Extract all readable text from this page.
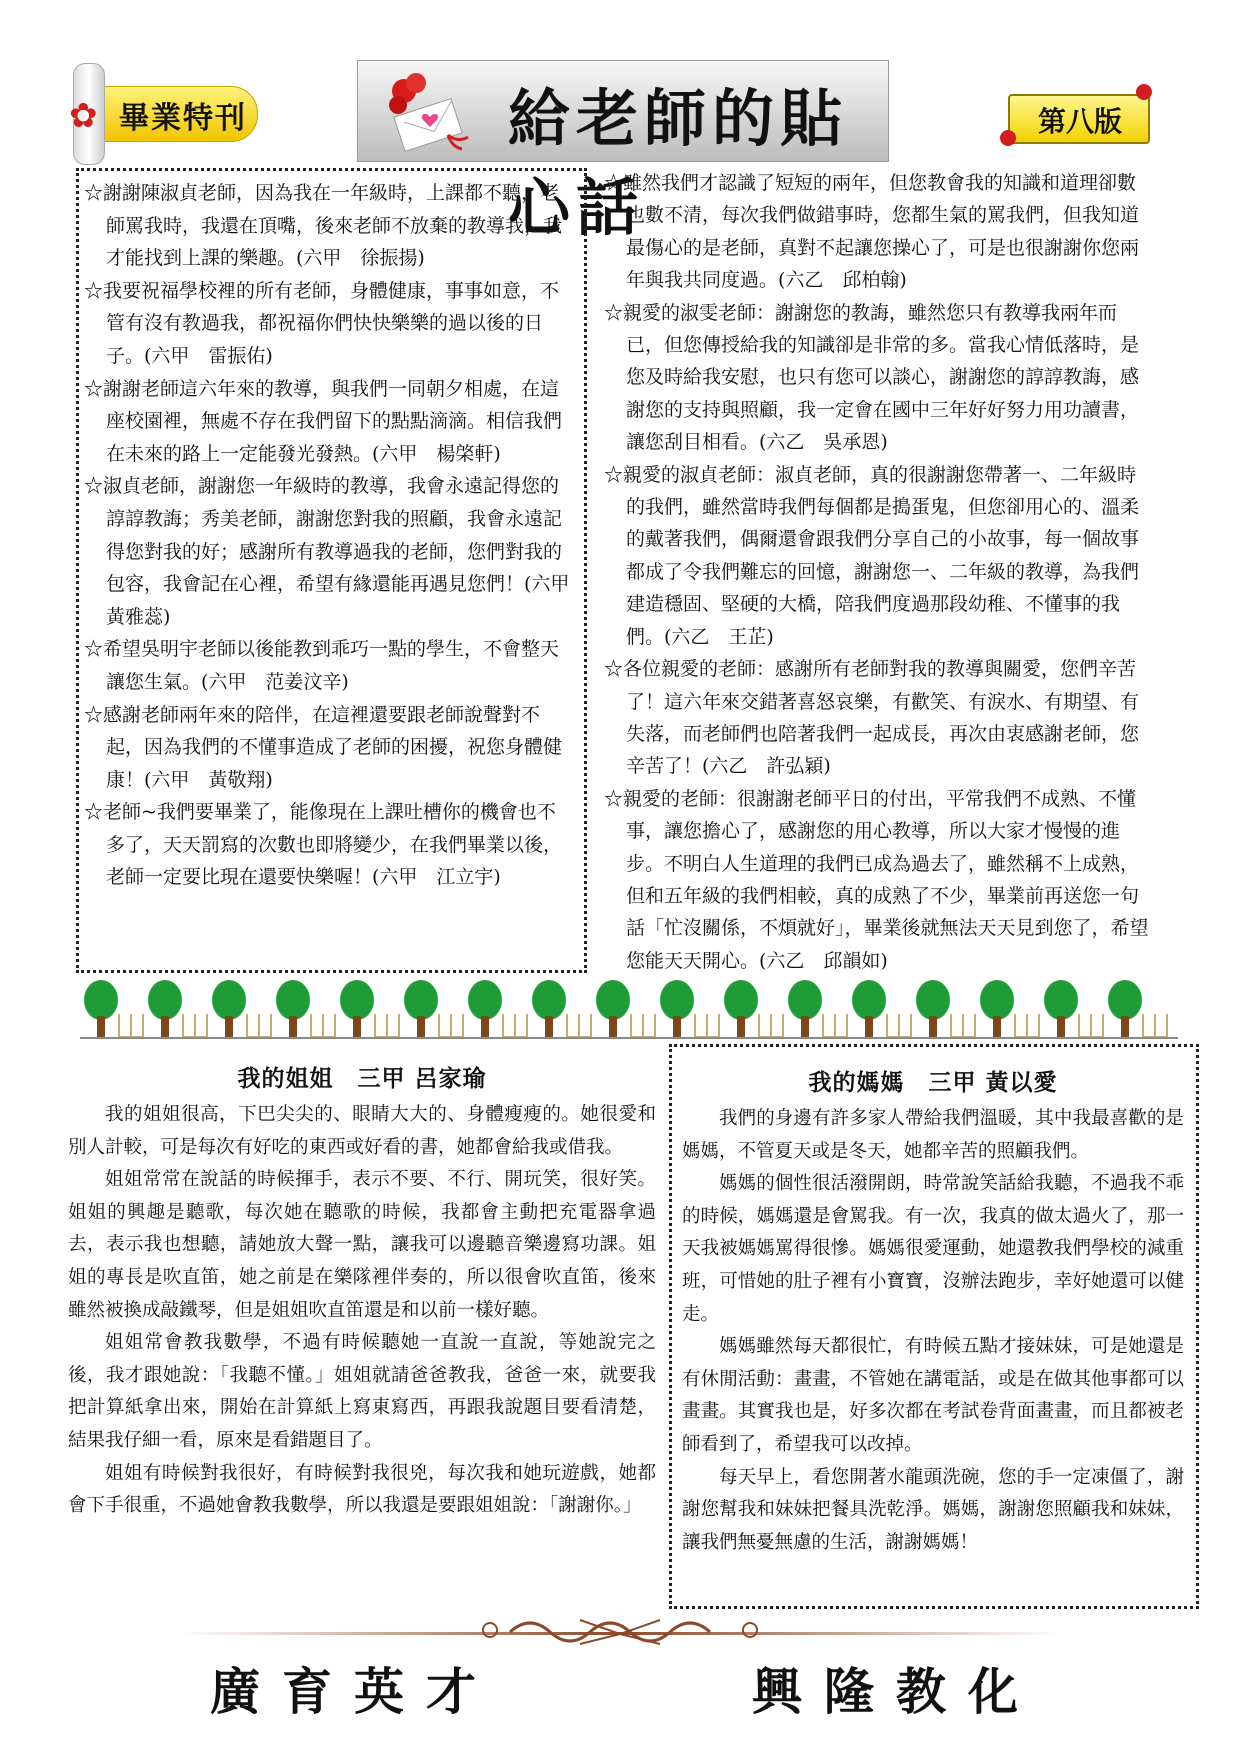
✿ 畢業特刊	給老師的貼心話
第八版

☆謝謝陳淑貞老師，因為我在一年級時，上課都不聽，老師罵我時，我還在頂嘴，後來老師不放棄的教導我，我才能找到上課的樂趣。(六甲　徐振揚)

☆我要祝福學校裡的所有老師，身體健康，事事如意，不管有沒有教過我，都祝福你們快快樂樂的過以後的日子。(六甲　雷振佑)

☆謝謝老師這六年來的教導，與我們一同朝夕相處，在這座校園裡，無處不存在我們留下的點點滴滴。相信我們在未來的路上一定能發光發熱。(六甲　楊棨軒)

☆淑貞老師，謝謝您一年級時的教導，我會永遠記得您的諄諄教誨；秀美老師，謝謝您對我的照顧，我會永遠記得您對我的好；感謝所有教導過我的老師，您們對我的包容，我會記在心裡，希望有緣還能再遇見您們！(六甲　黃雅蕊)

☆希望吳明宇老師以後能教到乖巧一點的學生，不會整天讓您生氣。(六甲　范姜汶辛)

☆感謝老師兩年來的陪伴，在這裡還要跟老師說聲對不起，因為我們的不懂事造成了老師的困擾，祝您身體健康！(六甲　黃敬翔)

☆老師~我們要畢業了，能像現在上課吐槽你的機會也不多了，天天罰寫的次數也即將變少，在我們畢業以後，老師一定要比現在還要快樂喔！(六甲　江立宇)

☆雖然我們才認識了短短的兩年，但您教會我的知識和道理卻數也數不清，每次我們做錯事時，您都生氣的罵我們，但我知道最傷心的是老師，真對不起讓您操心了，可是也很謝謝你您兩年與我共同度過。(六乙　邱柏翰)

☆親愛的淑雯老師：謝謝您的教誨，雖然您只有教導我兩年而已，但您傳授給我的知識卻是非常的多。當我心情低落時，是您及時給我安慰，也只有您可以談心，謝謝您的諄諄教誨，感謝您的支持與照顧，我一定會在國中三年好好努力用功讀書，讓您刮目相看。(六乙　吳承恩)

☆親愛的淑貞老師：淑貞老師，真的很謝謝您帶著一、二年級時的我們，雖然當時我們每個都是搗蛋鬼，但您卻用心的、溫柔的戴著我們，偶爾還會跟我們分享自己的小故事，每一個故事都成了令我們難忘的回憶，謝謝您一、二年級的教導，為我們建造穩固、堅硬的大橋，陪我們度過那段幼稚、不懂事的我們。(六乙　王芷)

☆各位親愛的老師：感謝所有老師對我的教導與關愛，您們辛苦了！這六年來交錯著喜怒哀樂，有歡笑、有淚水、有期望、有失落，而老師們也陪著我們一起成長，再次由衷感謝老師，您辛苦了！(六乙　許弘穎)

☆親愛的老師：很謝謝老師平日的付出，平常我們不成熟、不懂事，讓您擔心了，感謝您的用心教導，所以大家才慢慢的進步。不明白人生道理的我們已成為過去了，雖然稱不上成熟，但和五年級的我們相較，真的成熟了不少，畢業前再送您一句話「忙沒關係，不煩就好」，畢業後就無法天天見到您了，希望您能天天開心。(六乙　邱韻如)

我的姐姐　三甲 呂家瑜

我的姐姐很高，下巴尖尖的、眼睛大大的、身體瘦瘦的。她很愛和別人計較，可是每次有好吃的東西或好看的書，她都會給我或借我。

姐姐常常在說話的時候揮手，表示不要、不行、開玩笑，很好笑。姐姐的興趣是聽歌，每次她在聽歌的時候，我都會主動把充電器拿過去，表示我也想聽，請她放大聲一點，讓我可以邊聽音樂邊寫功課。姐姐的專長是吹直笛，她之前是在樂隊裡伴奏的，所以很會吹直笛，後來雖然被換成敲鐵琴，但是姐姐吹直笛還是和以前一樣好聽。

姐姐常會教我數學，不過有時候聽她一直說一直說，等她說完之後，我才跟她說：「我聽不懂。」姐姐就請爸爸教我，爸爸一來，就要我把計算紙拿出來，開始在計算紙上寫東寫西，再跟我說題目要看清楚，結果我仔細一看，原來是看錯題目了。

姐姐有時候對我很好，有時候對我很兇，每次我和她玩遊戲，她都會下手很重，不過她會教我數學，所以我還是要跟姐姐說：「謝謝你。」

我的媽媽　三甲 黃以愛

我們的身邊有許多家人帶給我們溫暖，其中我最喜歡的是媽媽，不管夏天或是冬天，她都辛苦的照顧我們。

媽媽的個性很活潑開朗，時常說笑話給我聽，不過我不乖的時候，媽媽還是會罵我。有一次，我真的做太過火了，那一天我被媽媽罵得很慘。媽媽很愛運動，她還教我們學校的減重班，可惜她的肚子裡有小寶寶，沒辦法跑步，幸好她還可以健走。

媽媽雖然每天都很忙，有時候五點才接妹妹，可是她還是有休閒活動：畫畫，不管她在講電話，或是在做其他事都可以畫畫。其實我也是，好多次都在考試卷背面畫畫，而且都被老師看到了，希望我可以改掉。

每天早上，看您開著水龍頭洗碗，您的手一定凍僵了，謝謝您幫我和妹妹把餐具洗乾淨。媽媽，謝謝您照顧我和妹妹，讓我們無憂無慮的生活，謝謝媽媽！

廣育英才	興隆教化
